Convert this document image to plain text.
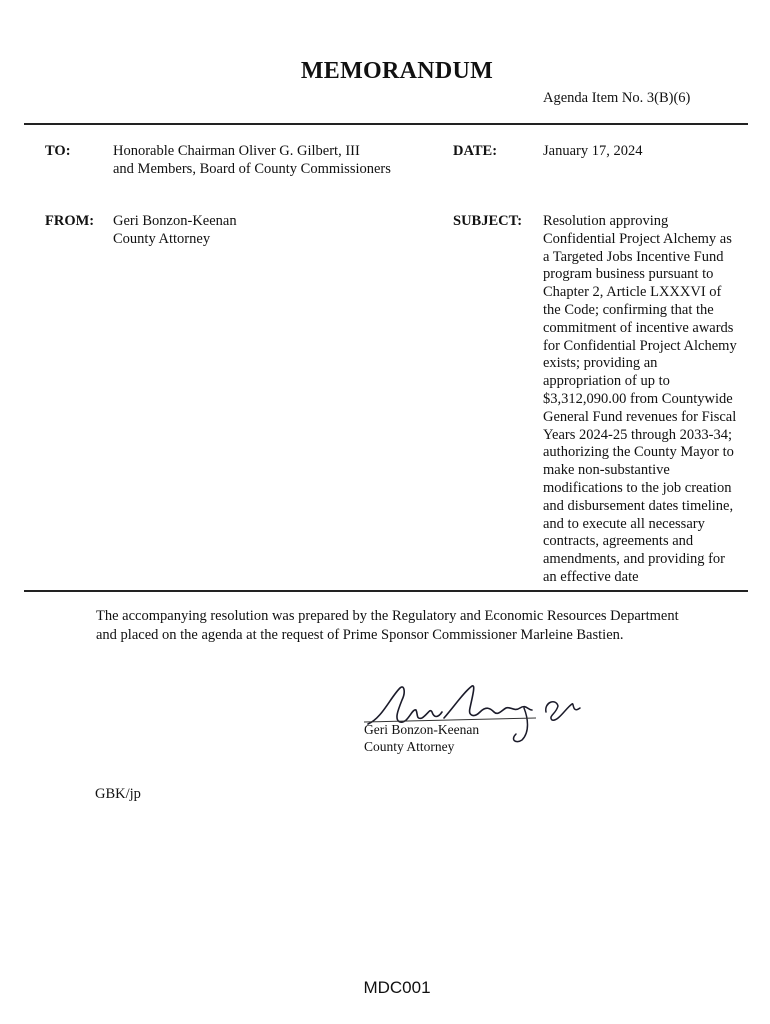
MEMORANDUM
Agenda Item No. 3(B)(6)
TO:	Honorable Chairman Oliver G. Gilbert, III
and Members, Board of County Commissioners
DATE:	January 17, 2024
FROM: Geri Bonzon-Keenan
County Attorney
SUBJECT: Resolution approving
Confidential Project Alchemy as
a Targeted Jobs Incentive Fund
program business pursuant to
Chapter 2, Article LXXXVI of
the Code; confirming that the
commitment of incentive awards
for Confidential Project Alchemy
exists; providing an
appropriation of up to
$3,312,090.00 from Countywide
General Fund revenues for Fiscal
Years 2024-25 through 2033-34;
authorizing the County Mayor to
make non-substantive
modifications to the job creation
and disbursement dates timeline,
and to execute all necessary
contracts, agreements and
amendments, and providing for
an effective date
The accompanying resolution was prepared by the Regulatory and Economic Resources Department
and placed on the agenda at the request of Prime Sponsor Commissioner Marleine Bastien.
Geri Bonzon-Keenan
County Attorney
GBK/jp
MDC001
